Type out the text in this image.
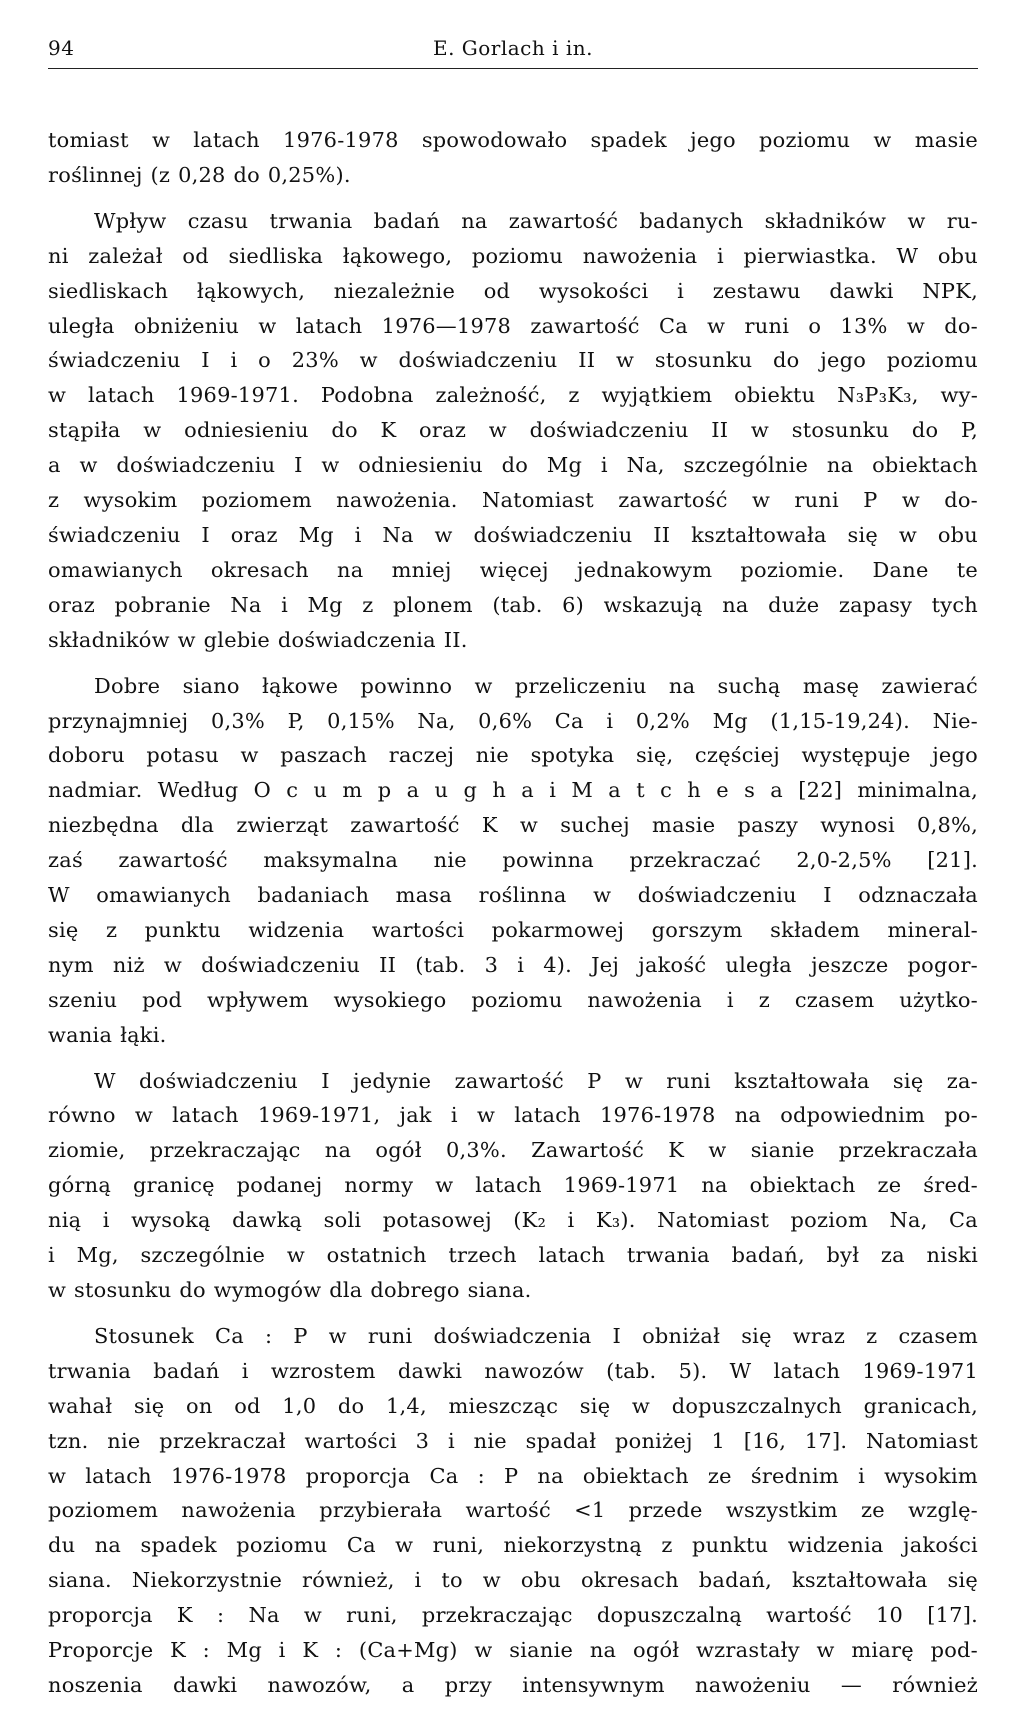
94	E. Gorlach i in.
tomiast w latach 1976-1978 spowodowało spadek jego poziomu w masie
roślinnej (z 0,28 do 0,25%).
Wpływ czasu trwania badań na zawartość badanych składników w ru-
ni zależał od siedliska łąkowego, poziomu nawożenia i pierwiastka. W obu
siedliskach łąkowych, niezależnie od wysokości i zestawu dawki NPK,
uległa obniżeniu w latach 1976—1978 zawartość Ca w runi o 13% w do-
świadczeniu I i o 23% w doświadczeniu II w stosunku do jego poziomu
w latach 1969-1971. Podobna zależność, z wyjątkiem obiektu N₃P₃K₃, wy-
stąpiła w odniesieniu do K oraz w doświadczeniu II w stosunku do P,
a w doświadczeniu I w odniesieniu do Mg i Na, szczególnie na obiektach
z wysokim poziomem nawożenia. Natomiast zawartość w runi P w do-
świadczeniu I oraz Mg i Na w doświadczeniu II kształtowała się w obu
omawianych okresach na mniej więcej jednakowym poziomie. Dane te
oraz pobranie Na i Mg z plonem (tab. 6) wskazują na duże zapasy tych
składników w glebie doświadczenia II.
Dobre siano łąkowe powinno w przeliczeniu na suchą masę zawierać
przynajmniej 0,3% P, 0,15% Na, 0,6% Ca i 0,2% Mg (1,15-19,24). Nie-
doboru potasu w paszach raczej nie spotyka się, częściej występuje jego
nadmiar. Według O c u m p a u g h a i M a t c h e s a [22] minimalna,
niezbędna dla zwierząt zawartość K w suchej masie paszy wynosi 0,8%,
zaś zawartość maksymalna nie powinna przekraczać 2,0-2,5% [21].
W omawianych badaniach masa roślinna w doświadczeniu I odznaczała
się z punktu widzenia wartości pokarmowej gorszym składem mineral-
nym niż w doświadczeniu II (tab. 3 i 4). Jej jakość uległa jeszcze pogor-
szeniu pod wpływem wysokiego poziomu nawożenia i z czasem użytko-
wania łąki.
W doświadczeniu I jedynie zawartość P w runi kształtowała się za-
równo w latach 1969-1971, jak i w latach 1976-1978 na odpowiednim po-
ziomie, przekraczając na ogół 0,3%. Zawartość K w sianie przekraczała
górną granicę podanej normy w latach 1969-1971 na obiektach ze śred-
nią i wysoką dawką soli potasowej (K₂ i K₃). Natomiast poziom Na, Ca
i Mg, szczególnie w ostatnich trzech latach trwania badań, był za niski
w stosunku do wymogów dla dobrego siana.
Stosunek Ca : P w runi doświadczenia I obniżał się wraz z czasem
trwania badań i wzrostem dawki nawozów (tab. 5). W latach 1969-1971
wahał się on od 1,0 do 1,4, mieszcząc się w dopuszczalnych granicach,
tzn. nie przekraczał wartości 3 i nie spadał poniżej 1 [16, 17]. Natomiast
w latach 1976-1978 proporcja Ca : P na obiektach ze średnim i wysokim
poziomem nawożenia przybierała wartość <1 przede wszystkim ze wzglę-
du na spadek poziomu Ca w runi, niekorzystną z punktu widzenia jakości
siana. Niekorzystnie również, i to w obu okresach badań, kształtowała się
proporcja K : Na w runi, przekraczając dopuszczalną wartość 10 [17].
Proporcje K : Mg i K : (Ca+Mg) w sianie na ogół wzrastały w miarę pod-
noszenia dawki nawozów, a przy intensywnym nawożeniu — również
